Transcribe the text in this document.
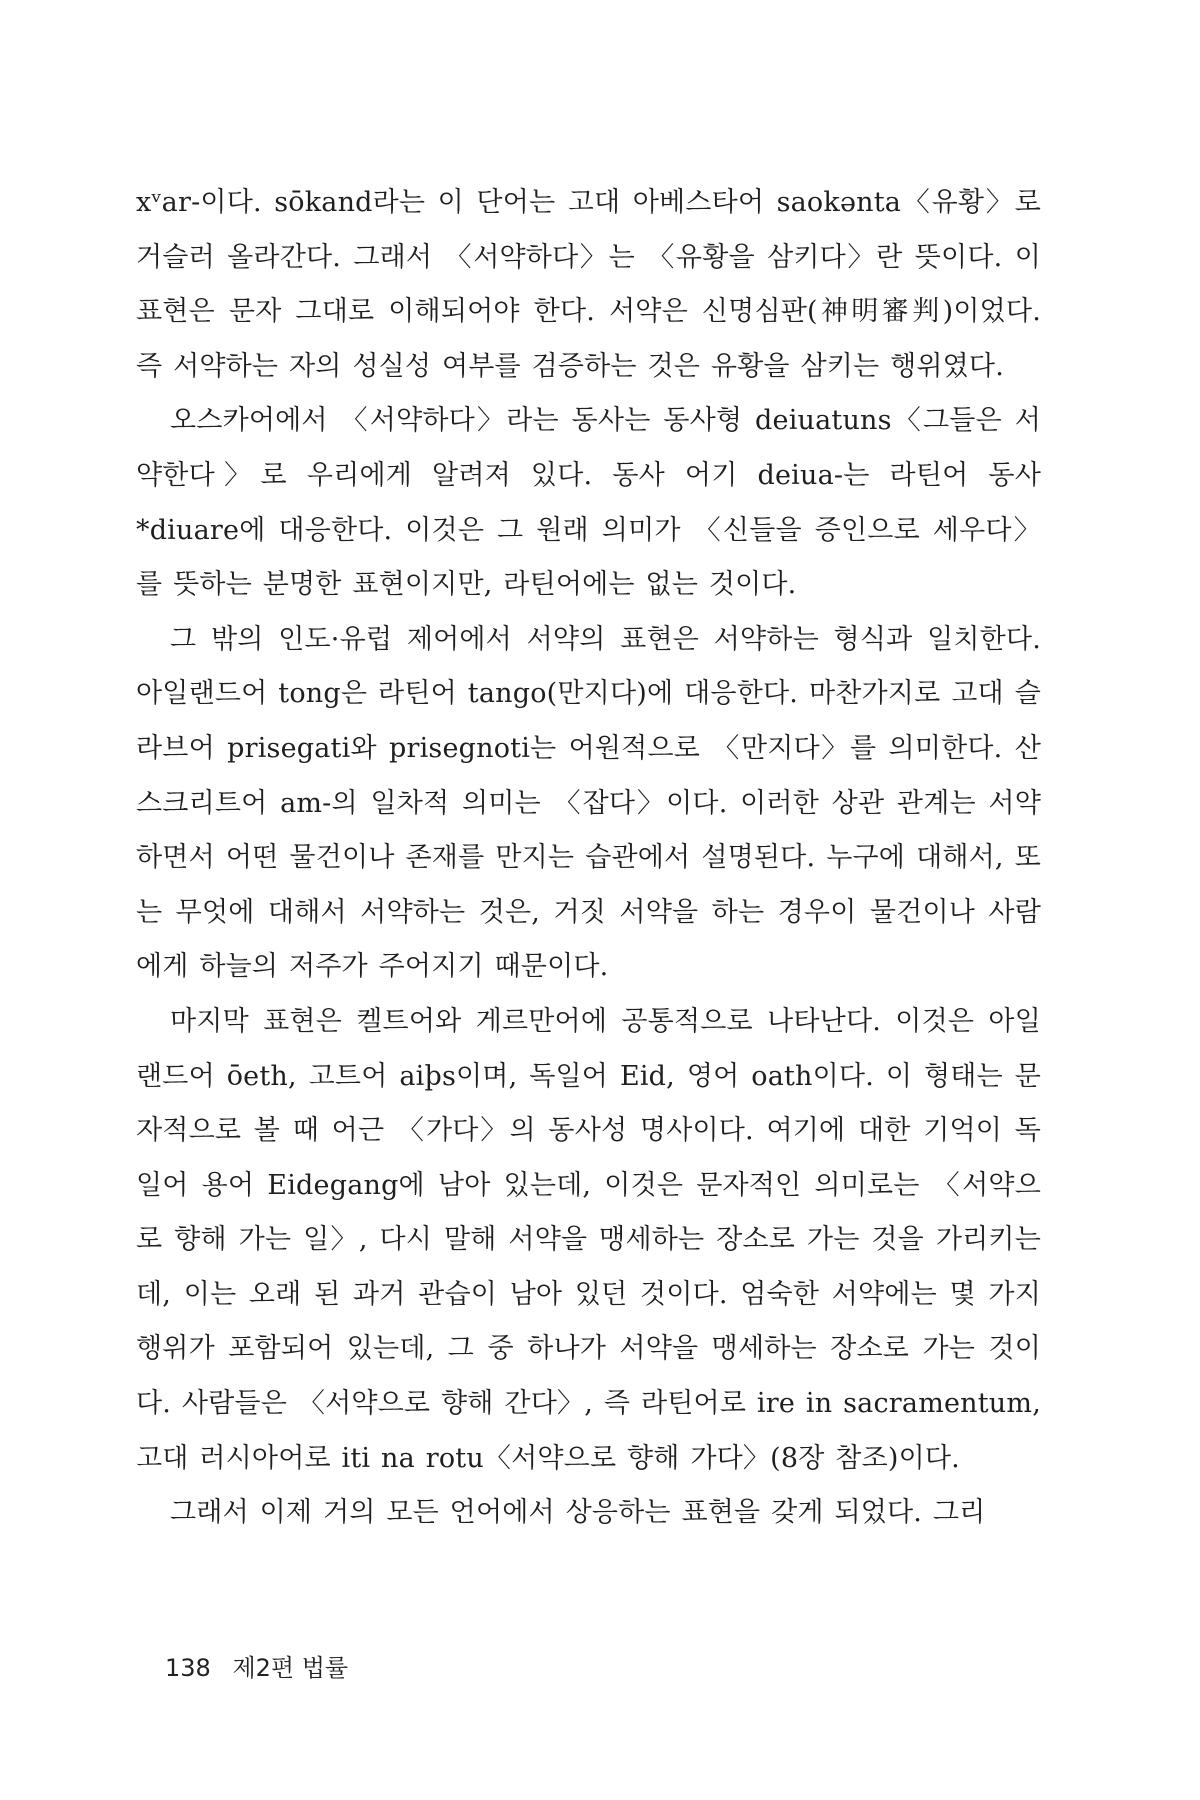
xᵛar-이다. sōkand라는 이 단어는 고대 아베스타어 saokənta〈유황〉로 거슬러 올라간다. 그래서 〈서약하다〉는 〈유황을 삼키다〉란 뜻이다. 이 표현은 문자 그대로 이해되어야 한다. 서약은 신명심판(神明審判)이었다. 즉 서약하는 자의 성실성 여부를 검증하는 것은 유황을 삼키는 행위였다.

오스카어에서 〈서약하다〉라는 동사는 동사형 deiuatuns〈그들은 서약한다〉로 우리에게 알려져 있다. 동사 어기 deiua-는 라틴어 동사 *diuare에 대응한다. 이것은 그 원래 의미가 〈신들을 증인으로 세우다〉를 뜻하는 분명한 표현이지만, 라틴어에는 없는 것이다.

그 밖의 인도·유럽 제어에서 서약의 표현은 서약하는 형식과 일치한다. 아일랜드어 tong은 라틴어 tango(만지다)에 대응한다. 마찬가지로 고대 슬라브어 prisegati와 prisegnoti는 어원적으로 〈만지다〉를 의미한다. 산스크리트어 am-의 일차적 의미는 〈잡다〉이다. 이러한 상관 관계는 서약하면서 어떤 물건이나 존재를 만지는 습관에서 설명된다. 누구에 대해서, 또는 무엇에 대해서 서약하는 것은, 거짓 서약을 하는 경우이 물건이나 사람에게 하늘의 저주가 주어지기 때문이다.

마지막 표현은 켈트어와 게르만어에 공통적으로 나타난다. 이것은 아일랜드어 ōeth, 고트어 aiþs이며, 독일어 Eid, 영어 oath이다. 이 형태는 문자적으로 볼 때 어근 〈가다〉의 동사성 명사이다. 여기에 대한 기억이 독일어 용어 Eidegang에 남아 있는데, 이것은 문자적인 의미로는 〈서약으로 향해 가는 일〉, 다시 말해 서약을 맹세하는 장소로 가는 것을 가리키는데, 이는 오래 된 과거 관습이 남아 있던 것이다. 엄숙한 서약에는 몇 가지 행위가 포함되어 있는데, 그 중 하나가 서약을 맹세하는 장소로 가는 것이다. 사람들은 〈서약으로 향해 간다〉, 즉 라틴어로 ire in sacramentum, 고대 러시아어로 iti na rotu〈서약으로 향해 가다〉(8장 참조)이다.

그래서 이제 거의 모든 언어에서 상응하는 표현을 갖게 되었다. 그리

138 제2편 법률
